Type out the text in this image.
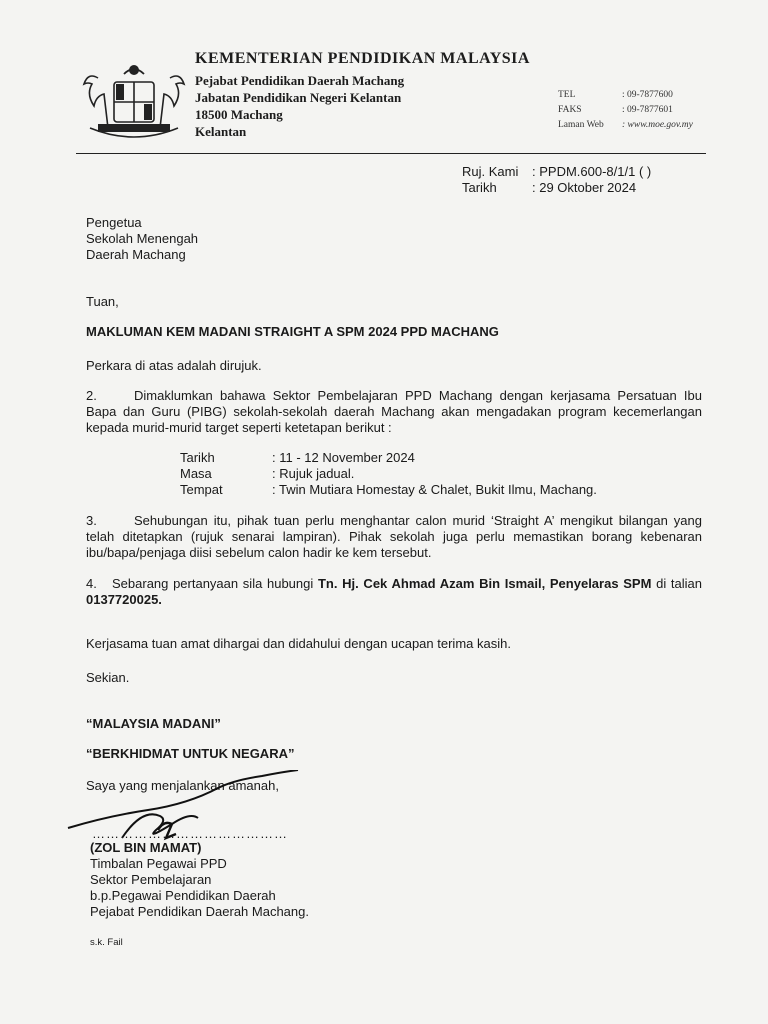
KEMENTERIAN PENDIDIKAN MALAYSIA
Pejabat Pendidikan Daerah Machang
Jabatan Pendidikan Negeri Kelantan
18500 Machang
Kelantan
TEL	: 09-7877600
FAKS	: 09-7877601
Laman Web	: www.moe.gov.my
Ruj. Kami	: PPDM.600-8/1/1 ( )
Tarikh	: 29 Oktober 2024
Pengetua
Sekolah Menengah
Daerah Machang
Tuan,
MAKLUMAN KEM MADANI STRAIGHT A SPM 2024 PPD MACHANG
Perkara di atas adalah dirujuk.
2.	Dimaklumkan bahawa Sektor Pembelajaran PPD Machang dengan kerjasama Persatuan Ibu Bapa dan Guru (PIBG) sekolah-sekolah daerah Machang akan mengadakan program kecemerlangan kepada murid-murid target seperti ketetapan berikut :
Tarikh	: 11 - 12 November 2024
Masa	: Rujuk jadual.
Tempat	: Twin Mutiara Homestay & Chalet, Bukit Ilmu, Machang.
3.	Sehubungan itu, pihak tuan perlu menghantar calon murid ‘Straight A’ mengikut bilangan yang telah ditetapkan (rujuk senarai lampiran). Pihak sekolah juga perlu memastikan borang kebenaran ibu/bapa/penjaga diisi sebelum calon hadir ke kem tersebut.
4. Sebarang pertanyaan sila hubungi Tn. Hj. Cek Ahmad Azam Bin Ismail, Penyelaras SPM di talian 0137720025.
Kerjasama tuan amat dihargai dan didahului dengan ucapan terima kasih.
Sekian.
“MALAYSIA MADANI”
“BERKHIDMAT UNTUK NEGARA”
Saya yang menjalankan amanah,
……………………………………
(ZOL BIN MAMAT)
Timbalan Pegawai PPD
Sektor Pembelajaran
b.p.Pegawai Pendidikan Daerah
Pejabat Pendidikan Daerah Machang.
s.k. Fail
